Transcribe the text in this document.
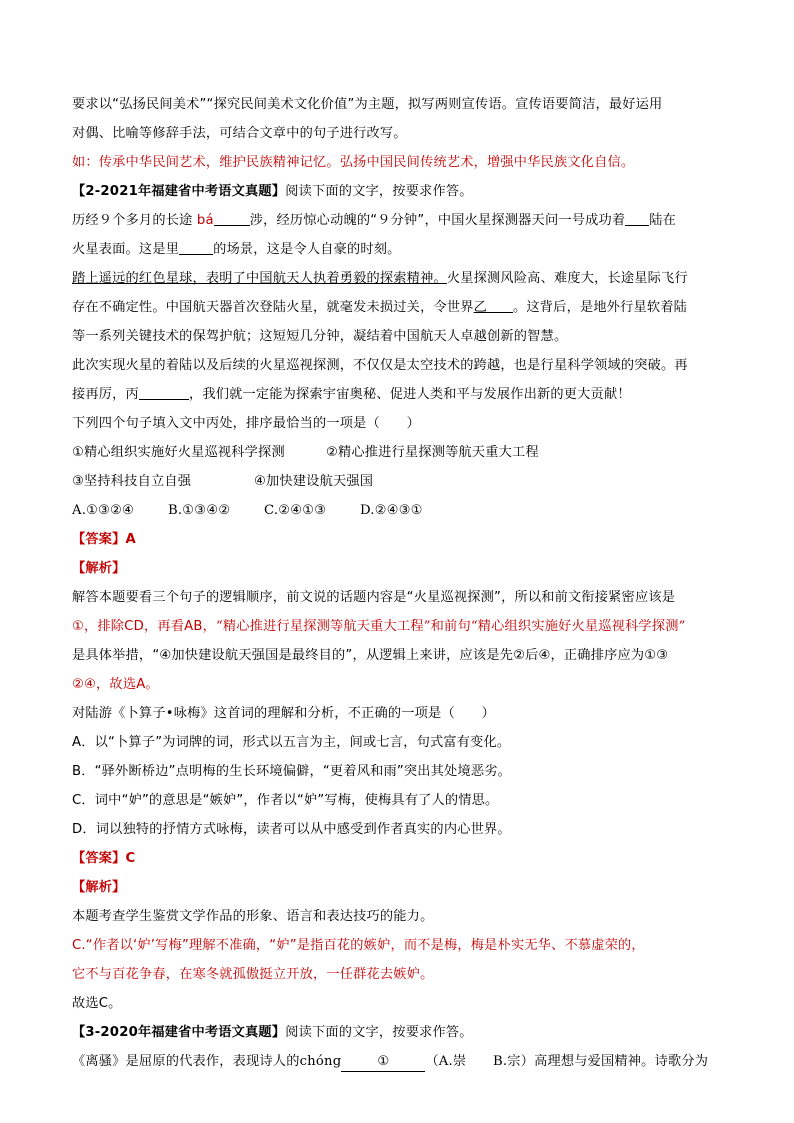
要求以“弘扬民间美术”“探究民间美术文化价值”为主题，拟写两则宣传语。宣传语要简洁，最好运用
对偶、比喻等修辞手法，可结合文章中的句子进行改写。
如：传承中华民间艺术，维护民族精神记忆。弘扬中国民间传统艺术，增强中华民族文化自信。
【2-2021年福建省中考语文真题】阅读下面的文字，按要求作答。
历经９个多月的长途 bá	涉，经历惊心动魄的“９分钟”，中国火星探测器天问一号成功着 陆在
火星表面。这是里	的场景，这是令人自豪的时刻。
踏上遥远的红色星球，表明了中国航天人执着勇毅的探索精神。火星探测风险高、难度大，长途星际飞行
存在不确定性。中国航天器首次登陆火星，就毫发未损过关，令世界乙 。这背后，是地外行星软着陆
等一系列关键技术的保驾护航；这短短几分钟，凝结着中国航天人卓越创新的智慧。
此次实现火星的着陆以及后续的火星巡视探测，不仅仅是太空技术的跨越，也是行星科学领域的突破。再
接再厉，丙	，我们就一定能为探索宇宙奥秘、促进人类和平与发展作出新的更大贡献！
下列四个句子填入文中丙处，排序最恰当的一项是（　　）
①精心组织实施好火星巡视科学探测	②精心推进行星探测等航天重大工程
③坚持科技自立自强	④加快建设航天强国
A.①③②④	B.①③④②	C.②④①③	D.②④③①
【答案】A
【解析】
解答本题要看三个句子的逻辑顺序，前文说的话题内容是“火星巡视探测”，所以和前文衔接紧密应该是
①，排除CD，再看AB，“精心推进行星探测等航天重大工程”和前句“精心组织实施好火星巡视科学探测”
是具体举措，“④加快建设航天强国是最终目的”，从逻辑上来讲，应该是先②后④，正确排序应为①③
②④，故选A。
对陆游《卜算子•咏梅》这首词的理解和分析，不正确的一项是（　　）
A．以“卜算子”为词牌的词，形式以五言为主，间或七言，句式富有变化。
B．“驿外断桥边”点明梅的生长环境偏僻，“更着风和雨”突出其处境恶劣。
C．词中“妒”的意思是“嫉妒”，作者以“妒”写梅，使梅具有了人的情思。
D．词以独特的抒情方式咏梅，读者可以从中感受到作者真实的内心世界。
【答案】C
【解析】
本题考查学生鉴赏文学作品的形象、语言和表达技巧的能力。
C.“作者以‘妒’写梅”理解不准确，“妒”是指百花的嫉妒，而不是梅，梅是朴实无华、不慕虚荣的，
它不与百花争春，在寒冬就孤傲挺立开放，一任群花去嫉妒。
故选C。
【3-2020年福建省中考语文真题】阅读下面的文字，按要求作答。
《离骚》是屈原的代表作，表现诗人的chóng	①	（A.崇　　B.宗）高理想与爱国精神。诗歌分为
